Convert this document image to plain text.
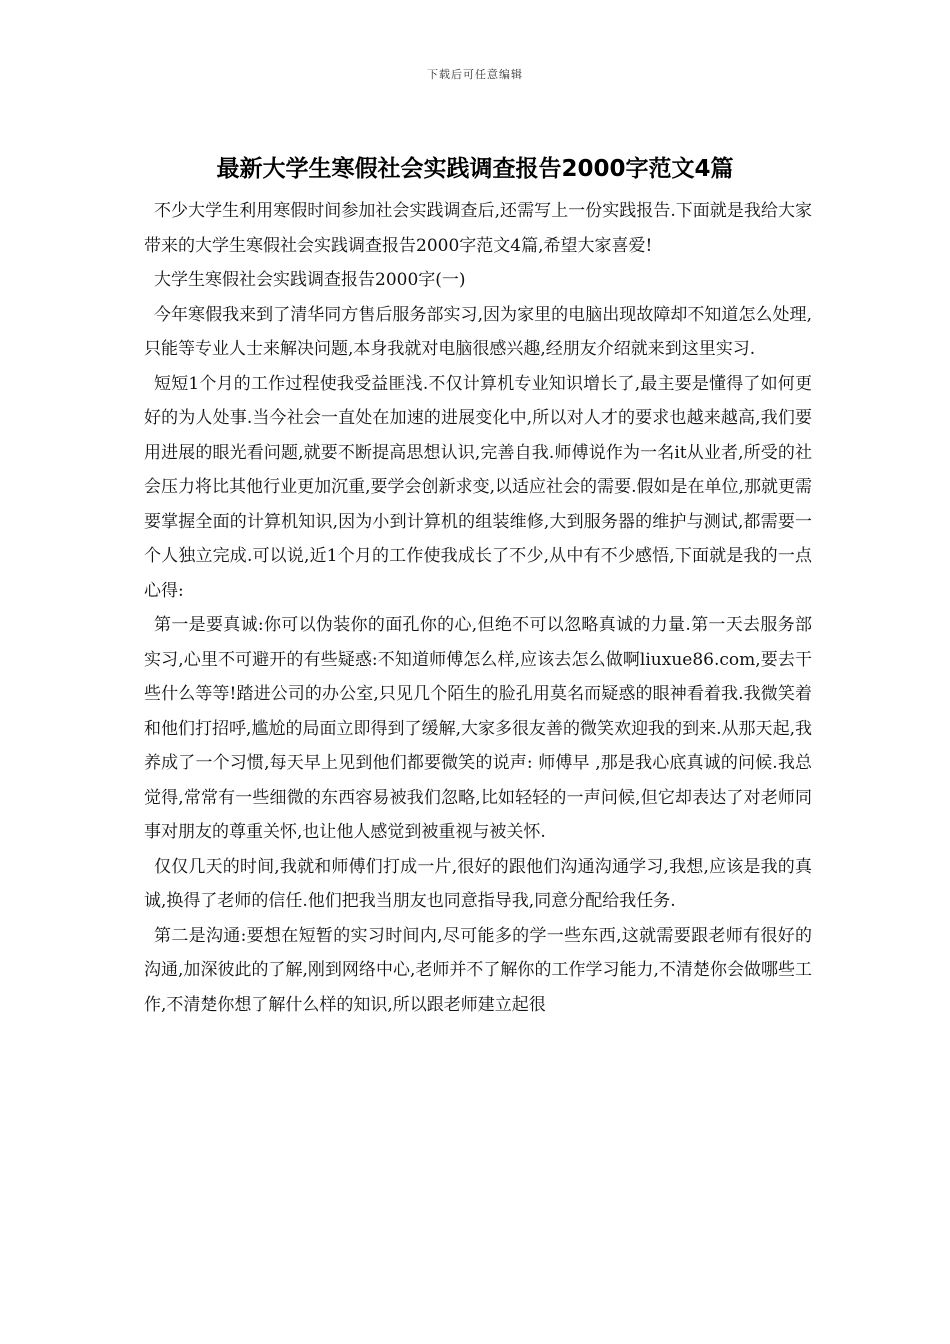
下载后可任意编辑
最新大学生寒假社会实践调查报告2000字范文4篇

不少大学生利用寒假时间参加社会实践调查后,还需写上一份实践报告.下面就是我给大家带来的大学生寒假社会实践调查报告2000字范文4篇,希望大家喜爱!

大学生寒假社会实践调查报告2000字(一)

今年寒假我来到了清华同方售后服务部实习,因为家里的电脑出现故障却不知道怎么处理,只能等专业人士来解决问题,本身我就对电脑很感兴趣,经朋友介绍就来到这里实习.

短短1个月的工作过程使我受益匪浅.不仅计算机专业知识增长了,最主要是懂得了如何更好的为人处事.当今社会一直处在加速的进展变化中,所以对人才的要求也越来越高,我们要用进展的眼光看问题,就要不断提高思想认识,完善自我.师傅说作为一名it从业者,所受的社会压力将比其他行业更加沉重,要学会创新求变,以适应社会的需要.假如是在单位,那就更需要掌握全面的计算机知识,因为小到计算机的组装维修,大到服务器的维护与测试,都需要一个人独立完成.可以说,近1个月的工作使我成长了不少,从中有不少感悟,下面就是我的一点心得:

第一是要真诚:你可以伪装你的面孔你的心,但绝不可以忽略真诚的力量.第一天去服务部实习,心里不可避开的有些疑惑:不知道师傅怎么样,应该去怎么做啊liuxue86.com,要去干些什么等等!踏进公司的办公室,只见几个陌生的脸孔用莫名而疑惑的眼神看着我.我微笑着和他们打招呼,尴尬的局面立即得到了缓解,大家多很友善的微笑欢迎我的到来.从那天起,我养成了一个习惯,每天早上见到他们都要微笑的说声: 师傅早 ,那是我心底真诚的问候.我总觉得,常常有一些细微的东西容易被我们忽略,比如轻轻的一声问候,但它却表达了对老师同事对朋友的尊重关怀,也让他人感觉到被重视与被关怀.

仅仅几天的时间,我就和师傅们打成一片,很好的跟他们沟通沟通学习,我想,应该是我的真诚,换得了老师的信任.他们把我当朋友也同意指导我,同意分配给我任务.

第二是沟通:要想在短暂的实习时间内,尽可能多的学一些东西,这就需要跟老师有很好的沟通,加深彼此的了解,刚到网络中心,老师并不了解你的工作学习能力,不清楚你会做哪些工作,不清楚你想了解什么样的知识,所以跟老师建立起很
